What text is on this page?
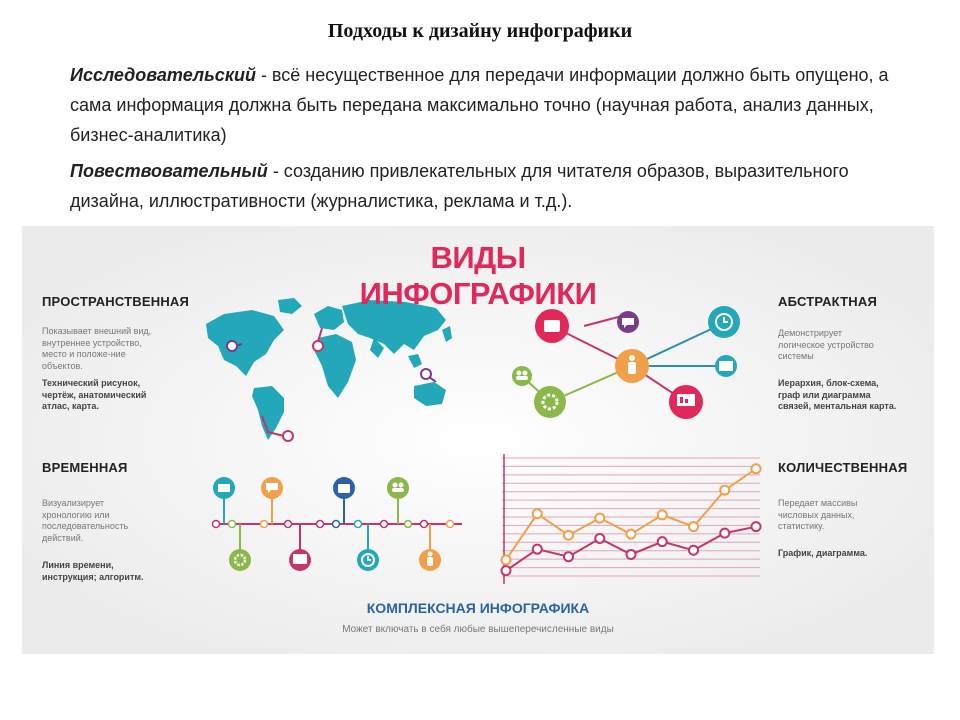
Подходы к дизайну инфографики
Исследовательский - всё несущественное для передачи информации должно быть опущено, а сама информация должна быть передана максимально точно (научная работа, анализ данных, бизнес-аналитика)
Повествовательный - созданию привлекательных для читателя образов, выразительного дизайна, иллюстративности (журналистика, реклама и т.д.).
ВИДЫ ИНФОГРАФИКИ
ПРОСТРАНСТВЕННАЯ
Показывает внешний вид,
внутреннее устройство,
место и положе-ние
объектов.
Технический рисунок,
чертёж, анатомический
атлас, карта.
АБСТРАКТНАЯ
Демонстрирует
логическое устройство
системы
Иерархия, блок-схема,
граф или диаграмма
связей, ментальная карта.
ВРЕМЕННАЯ
Визуализирует
хронологию или
последовательность
действий.
Линия времени,
инструкция; алгоритм.
КОЛИЧЕСТВЕННАЯ
Передает массивы
числовых данных,
статистику.
График, диаграмма.
КОМПЛЕКСНАЯ ИНФОГРАФИКА
Может включать в себя любые вышеперечисленные виды
